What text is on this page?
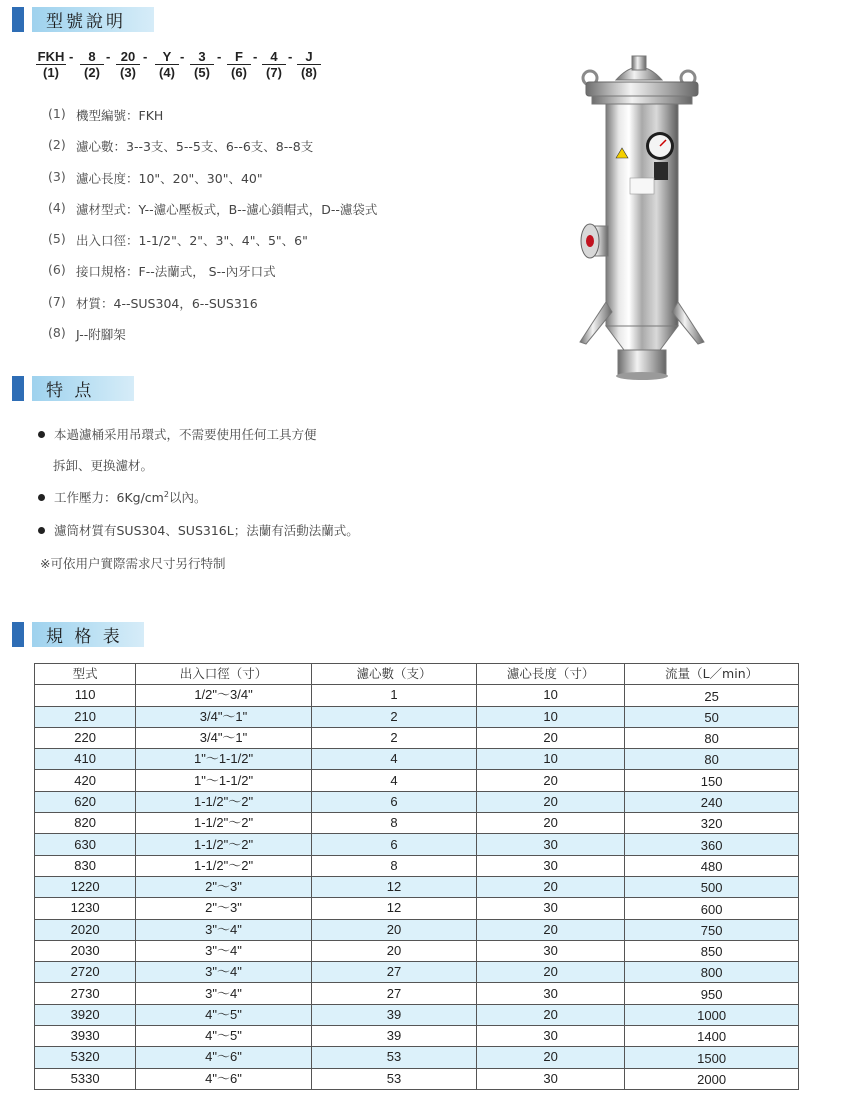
型號說明
FKH -	8 - 20 -	Y -	3 -	F -	4 -	J
(1)	(2)	(3)	(4)	(5)	(6)	(7)	(8)
(1) 機型編號：FKH
(2) 濾心數：3--3支、5--5支、6--6支、8--8支
(3) 濾心長度：10"、20"、30"、40"
(4) 濾材型式：Y--濾心壓板式，B--濾心鎖帽式，D--濾袋式
(5) 出入口徑：1-1/2"、2"、3"、4"、5"、6"
(6) 接口規格：F--法蘭式， S--內牙口式
(7) 材質：4--SUS304，6--SUS316
(8) J--附腳架
特 点
本過濾桶采用吊環式，不需要使用任何工具方便
拆卸、更换濾材。
工作壓力：$6Kg/cm^2$以內。
濾筒材質有SUS304、SUS316L；法蘭有活動法蘭式。
※可依用户實際需求尺寸另行特制
規 格 表
型式	出入口徑（寸）	濾心數（支）	濾心長度（寸）	流量（L／min）
110	1/2"～3/4"	1	10	25
210	3/4"～1"	2	10	50
220	3/4"～1"	2	20	80
410	1"～1-1/2"	4	10	80
420	1"～1-1/2"	4	20	150
620	1-1/2"～2"	6	20	240
820	1-1/2"～2"	8	20	320
630	1-1/2"～2"	6	30	360
830	1-1/2"～2"	8	30	480
1220	2"～3"	12	20	500
1230	2"～3"	12	30	600
2020	3"～4"	20	20	750
2030	3"～4"	20	30	850
2720	3"～4"	27	20	800
2730	3"～4"	27	30	950
3920	4"～5"	39	20	1000
3930	4"～5"	39	30	1400
5320	4"～6"	53	20	1500
5330	4"～6"	53	30	2000
